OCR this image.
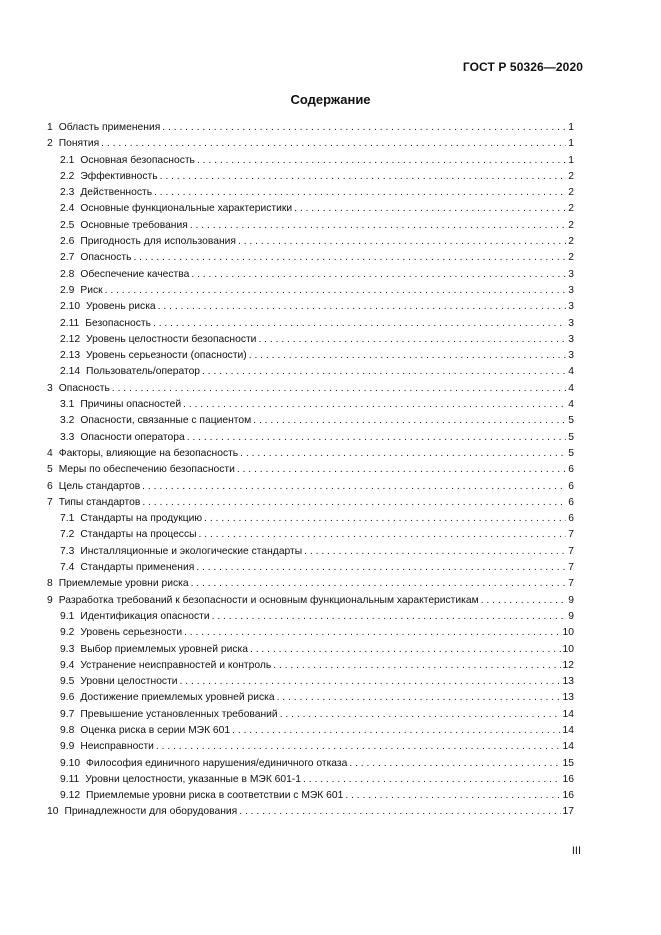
ГОСТ Р 50326—2020
Содержание
1 Область применения . . .	1
2 Понятия . . .	1
2.1 Основная безопасность . . .	1
2.2 Эффективность . . .	2
2.3 Действенность . . .	2
2.4 Основные функциональные характеристики . . .	2
2.5 Основные требования . . .	2
2.6 Пригодность для использования . . .	2
2.7 Опасность . . .	2
2.8 Обеспечение качества . . .	3
2.9 Риск . . .	3
2.10 Уровень риска . . .	3
2.11 Безопасность . . .	3
2.12 Уровень целостности безопасности . . .	3
2.13 Уровень серьезности (опасности) . . .	3
2.14 Пользователь/оператор . . .	4
3 Опасность . . .	4
3.1 Причины опасностей . . .	4
3.2 Опасности, связанные с пациентом . . .	5
3.3 Опасности оператора . . .	5
4 Факторы, влияющие на безопасность . . .	5
5 Меры по обеспечению безопасности . . .	6
6 Цель стандартов . . .	6
7 Типы стандартов . . .	6
7.1 Стандарты на продукцию . . .	6
7.2 Стандарты на процессы . . .	7
7.3 Инсталляционные и экологические стандарты . . .	7
7.4 Стандарты применения . . .	7
8 Приемлемые уровни риска . . .	7
9 Разработка требований к безопасности и основным функциональным характеристикам . . .	9
9.1 Идентификация опасности . . .	9
9.2 Уровень серьезности . . .	10
9.3 Выбор приемлемых уровней риска . . .	10
9.4 Устранение неисправностей и контроль . . .	12
9.5 Уровни целостности . . .	13
9.6 Достижение приемлемых уровней риска . . .	13
9.7 Превышение установленных требований . . .	14
9.8 Оценка риска в серии МЭК 601 . . .	14
9.9 Неисправности . . .	14
9.10 Философия единичного нарушения/единичного отказа . . .	15
9.11 Уровни целостности, указанные в МЭК 601-1 . . .	16
9.12 Приемлемые уровни риска в соответствии с МЭК 601 . . .	16
10 Принадлежности для оборудования . . .	17
III
